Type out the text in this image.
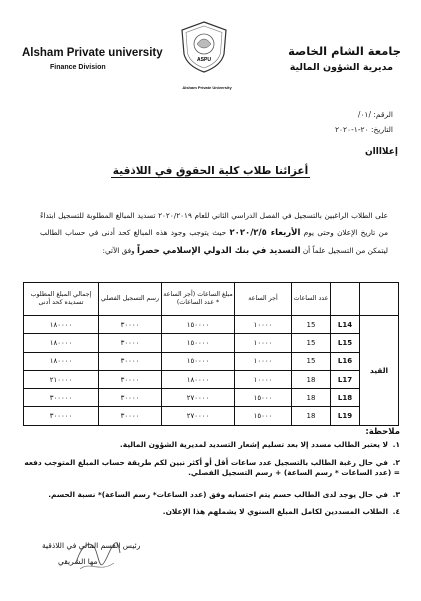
Alsham Private university
Finance Division
جامعة الشام الخاصة
مديرية الشؤون المالية
ASPU
Alsham Private University
الرقم: /٠١/
التاريخ: ٢٠-١-٢٠٢٠
إعلاااان
أعزائنا طلاب كلية الحقوق في اللاذقية
على الطلاب الراغبين بالتسجيل في الفصل الدراسي الثاني للعام ٢٠٢٠/٢٠١٩ تسديد المبالغ المطلوبة للتسجيل ابتداءً من تاريخ الإعلان وحتى يوم الأربعاء ٢٠٢٠/٢/٥ حيث يتوجب وجود هذه المبالغ كحد أدنى في حساب الطالب ليتمكن من التسجيل علماً أن التسديد في بنك الدولي الإسلامي حصراً وفق الآتي:
		عدد الساعات	أجر الساعة	مبلغ الساعات (أجر الساعة * عدد الساعات)	رسم التسجيل الفصلي	إجمالي المبلغ المطلوب تسديده كحد أدنى
القيد	L14	15	١٠٠٠٠	١٥٠٠٠٠	٣٠٠٠٠	١٨٠٠٠٠
	L15	15	١٠٠٠٠	١٥٠٠٠٠	٣٠٠٠٠	١٨٠٠٠٠
	L16	15	١٠٠٠٠	١٥٠٠٠٠	٣٠٠٠٠	١٨٠٠٠٠
	L17	18	١٠٠٠٠	١٨٠٠٠٠	٣٠٠٠٠	٢١٠٠٠٠
	L18	18	١٥٠٠٠	٢٧٠٠٠٠	٣٠٠٠٠	٣٠٠٠٠٠
	L19	18	١٥٠٠٠	٢٧٠٠٠٠	٣٠٠٠٠	٣٠٠٠٠٠
ملاحظة:
١.لا يعتبر الطالب مسدد إلا بعد تسليم إشعار التسديد لمديرية الشؤون المالية.
٢.في حال رغبة الطالب بالتسجيل عدد ساعات أقل أو أكثر نبين لكم طريقة حساب المبلغ المتوجب دفعه = (عدد الساعات * رسم الساعة) + رسم التسجيل الفصلي.
٣.في حال يوجد لدى الطالب حسم يتم احتسابه وفق (عدد الساعات* رسم الساعة)* نسبة الحسم.
٤.الطلاب المسددين لكامل المبلغ السنوي لا يشملهم هذا الإعلان.
رئيس القسم المالي في اللاذقية
مها الشريقي
